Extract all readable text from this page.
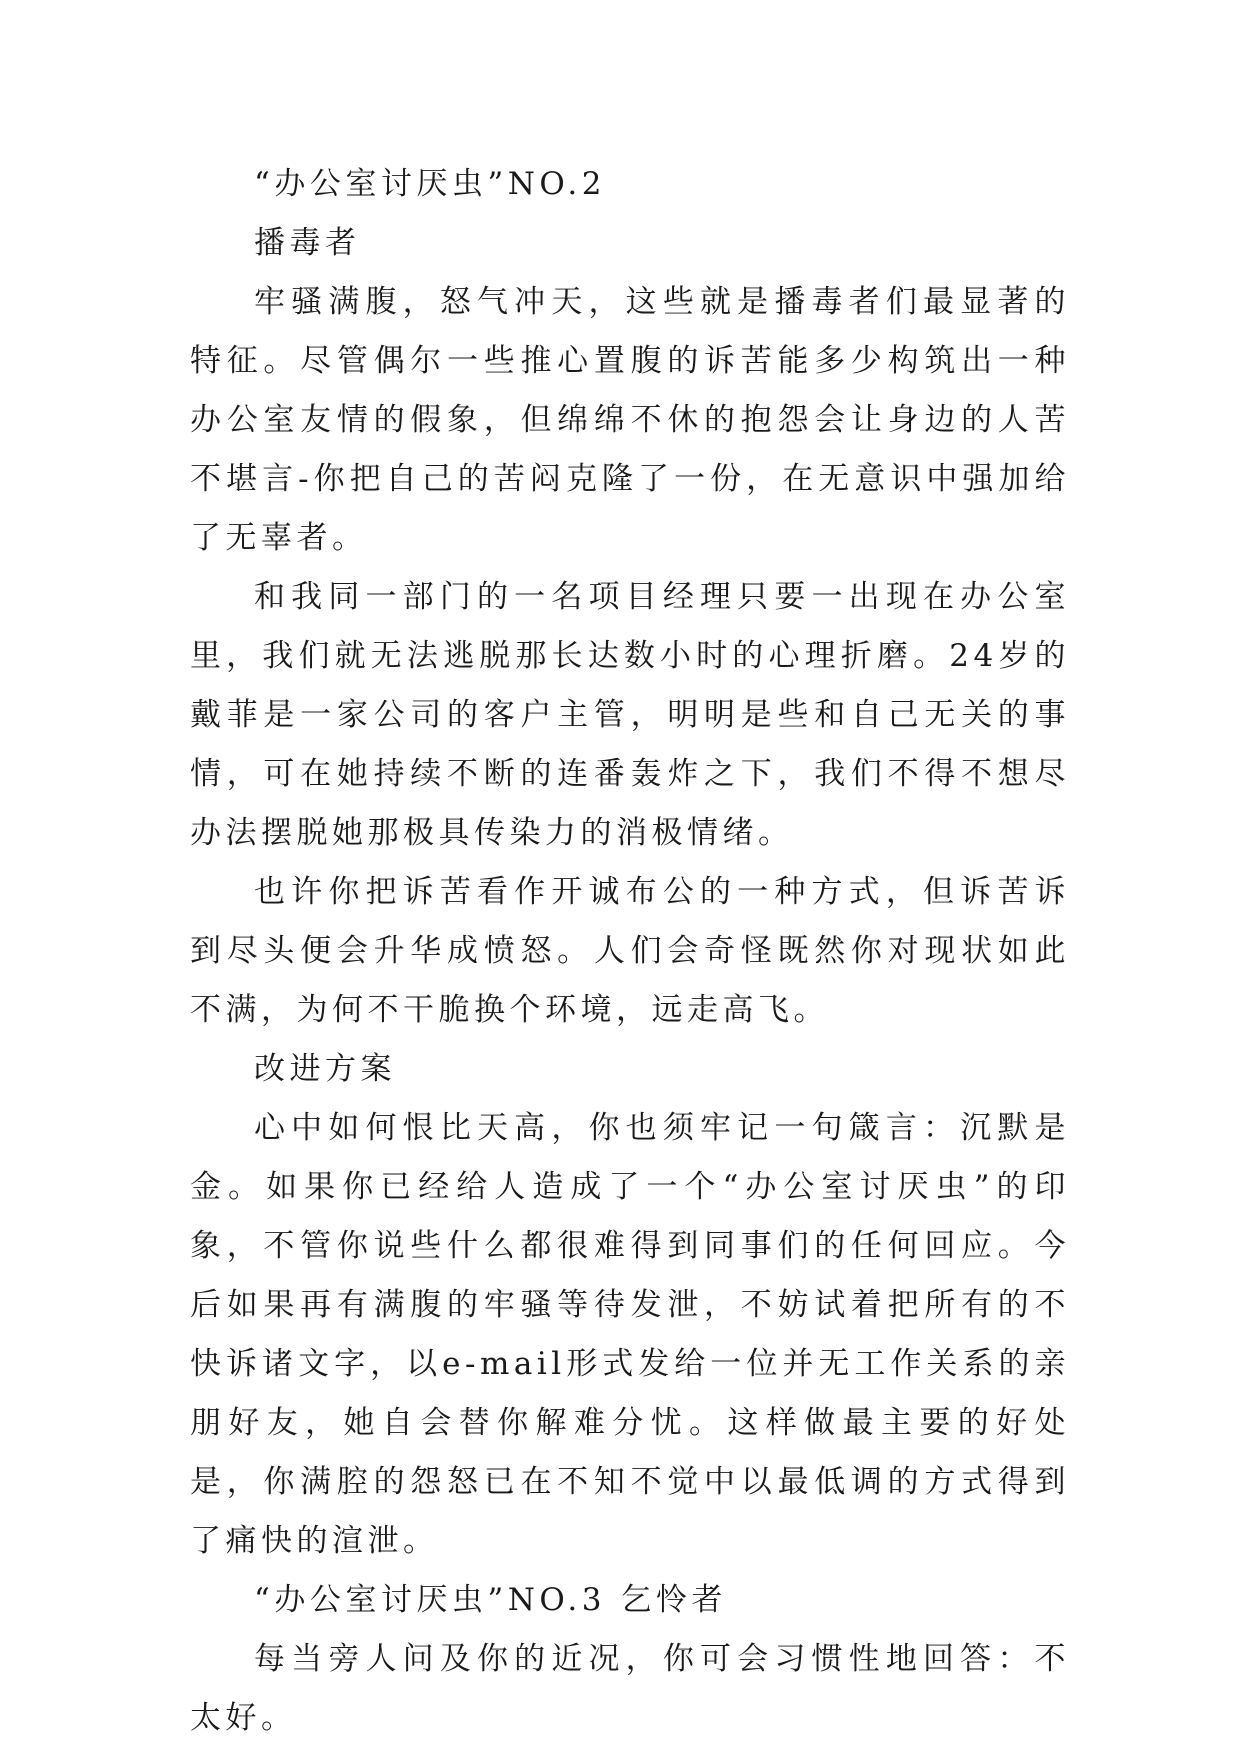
“办公室讨厌虫”NO.2

播毒者

牢骚满腹，怒气冲天，这些就是播毒者们最显著的特征。尽管偶尔一些推心置腹的诉苦能多少构筑出一种办公室友情的假象，但绵绵不休的抱怨会让身边的人苦不堪言-你把自己的苦闷克隆了一份，在无意识中强加给了无辜者。

和我同一部门的一名项目经理只要一出现在办公室里，我们就无法逃脱那长达数小时的心理折磨。24岁的戴菲是一家公司的客户主管，明明是些和自己无关的事情，可在她持续不断的连番轰炸之下，我们不得不想尽办法摆脱她那极具传染力的消极情绪。

也许你把诉苦看作开诚布公的一种方式，但诉苦诉到尽头便会升华成愤怒。人们会奇怪既然你对现状如此不满，为何不干脆换个环境，远走高飞。

改进方案

心中如何恨比天高，你也须牢记一句箴言：沉默是金。如果你已经给人造成了一个“办公室讨厌虫”的印象，不管你说些什么都很难得到同事们的任何回应。今后如果再有满腹的牢骚等待发泄，不妨试着把所有的不快诉诸文字，以e-mail形式发给一位并无工作关系的亲朋好友，她自会替你解难分忧。这样做最主要的好处是，你满腔的怨怒已在不知不觉中以最低调的方式得到了痛快的渲泄。

“办公室讨厌虫”NO.3 乞怜者

每当旁人问及你的近况，你可会习惯性地回答：不太好。
